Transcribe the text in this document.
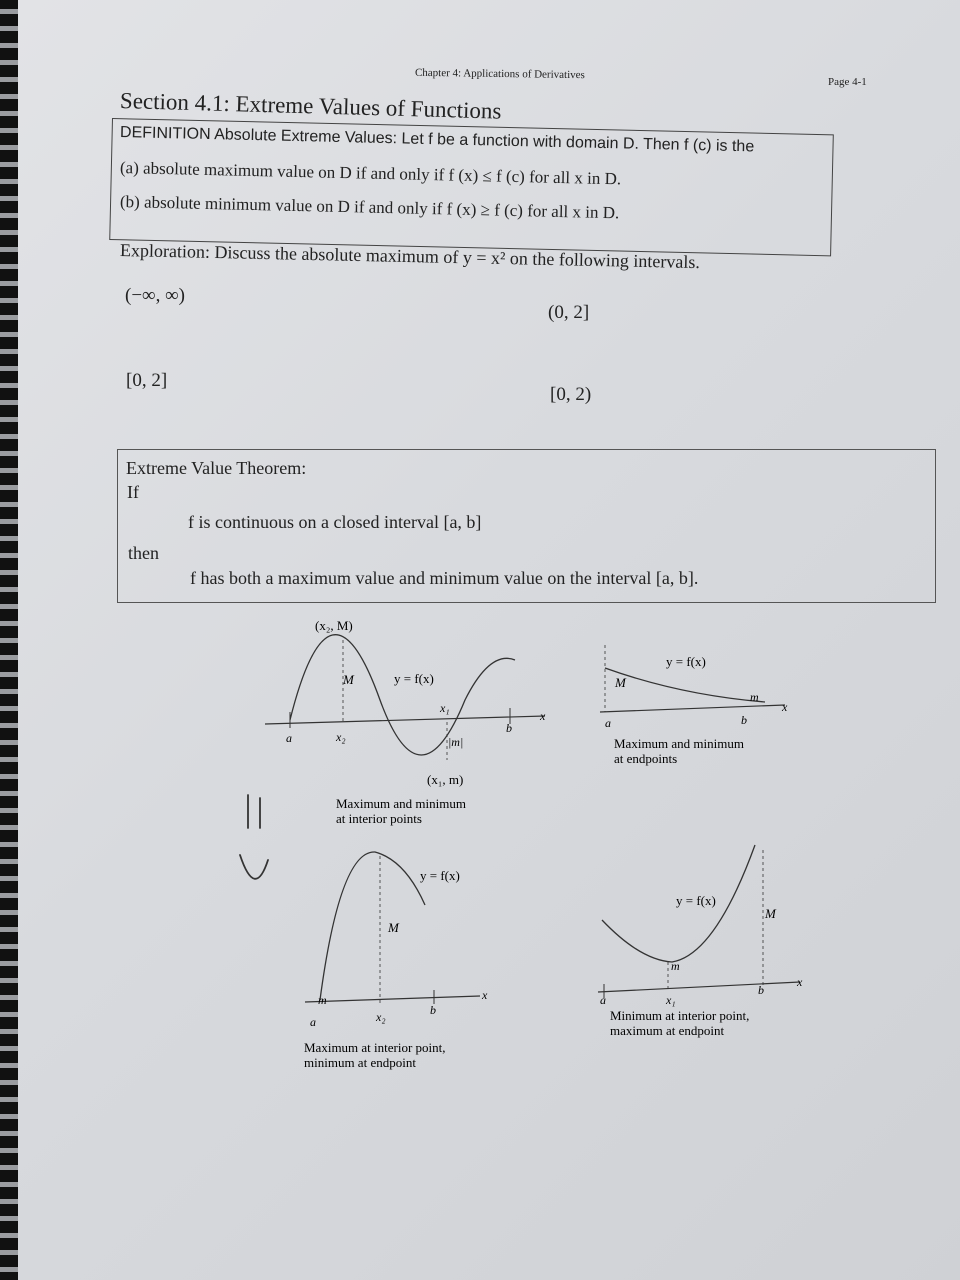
Chapter 4: Applications of Derivatives
Page 4-1
Section 4.1: Extreme Values of Functions
DEFINITION Absolute Extreme Values: Let f be a function with domain D. Then f (c) is the
(a) absolute maximum value on D if and only if f (x) ≤ f (c) for all x in D.
(b) absolute minimum value on D if and only if f (x) ≥ f (c) for all x in D.
Exploration: Discuss the absolute maximum of y = x² on the following intervals.
(−∞, ∞)
(0, 2]
[0, 2]
[0, 2)
Extreme Value Theorem:
If
f is continuous on a closed interval [a, b]
then
f has both a maximum value and minimum value on the interval [a, b].
(x₂, M)
M	y = f(x)
x₁
a	x₂	|m|
b
x
(x₁, m)
Maximum and minimum
at interior points
y = f(x)
M
m
x
a	b
Maximum and minimum
at endpoints
y = f(x)
M
m	x
a	x₂	b
Maximum at interior point,
minimum at endpoint
y = f(x)
M
m
x
a	x₁
b
Minimum at interior point,
maximum at endpoint
